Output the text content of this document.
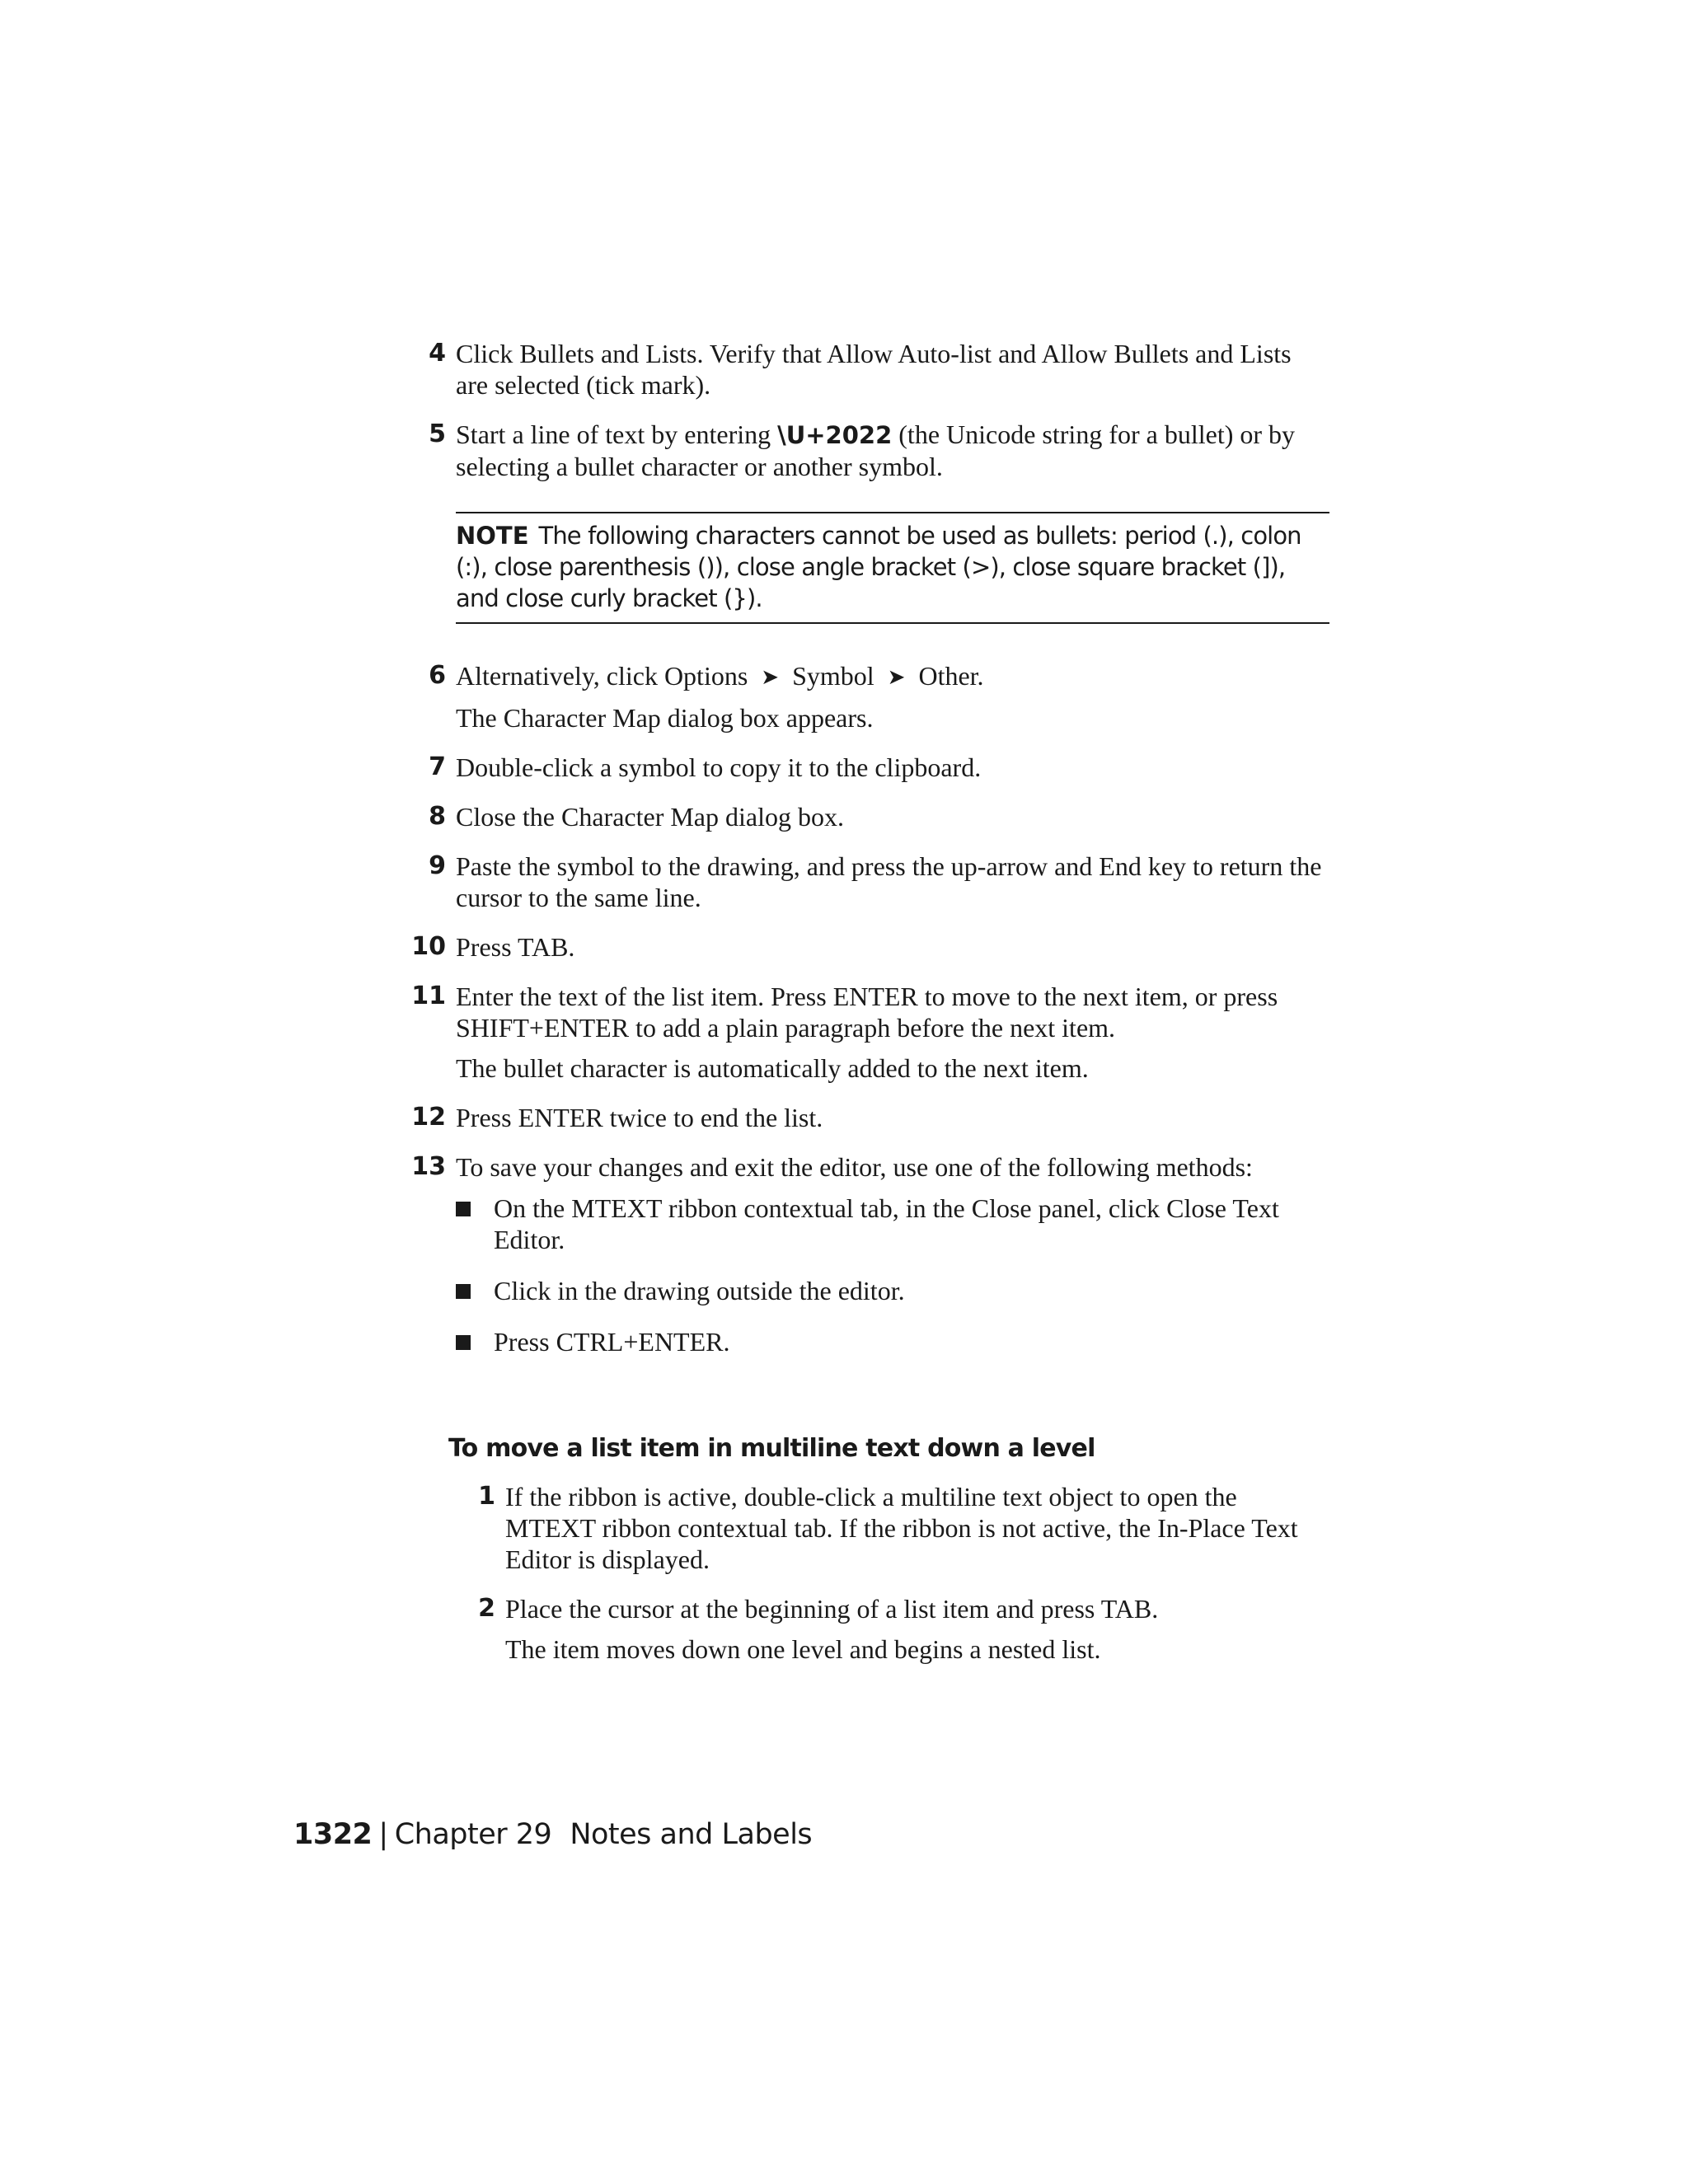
4 Click Bullets and Lists. Verify that Allow Auto-list and Allow Bullets and Lists are selected (tick mark).

5 Start a line of text by entering \U+2022 (the Unicode string for a bullet) or by selecting a bullet character or another symbol.

NOTE The following characters cannot be used as bullets: period (.), colon (:), close parenthesis ()), close angle bracket (>), close square bracket (]), and close curly bracket (}).
6 Alternatively, click Options ➤ Symbol ➤ Other.

The Character Map dialog box appears.

7 Double-click a symbol to copy it to the clipboard.

8 Close the Character Map dialog box.

9 Paste the symbol to the drawing, and press the up-arrow and End key to return the cursor to the same line.

10 Press TAB.

11 Enter the text of the list item. Press ENTER to move to the next item, or press SHIFT+ENTER to add a plain paragraph before the next item.

The bullet character is automatically added to the next item.

12 Press ENTER twice to end the list.

13 To save your changes and exit the editor, use one of the following methods:

On the MTEXT ribbon contextual tab, in the Close panel, click Close Text Editor.
Click in the drawing outside the editor.
Press CTRL+ENTER.
To move a list item in multiline text down a level
1 If the ribbon is active, double-click a multiline text object to open the MTEXT ribbon contextual tab. If the ribbon is not active, the In-Place Text Editor is displayed.

2 Place the cursor at the beginning of a list item and press TAB.

The item moves down one level and begins a nested list.

1322 | Chapter 29 Notes and Labels
